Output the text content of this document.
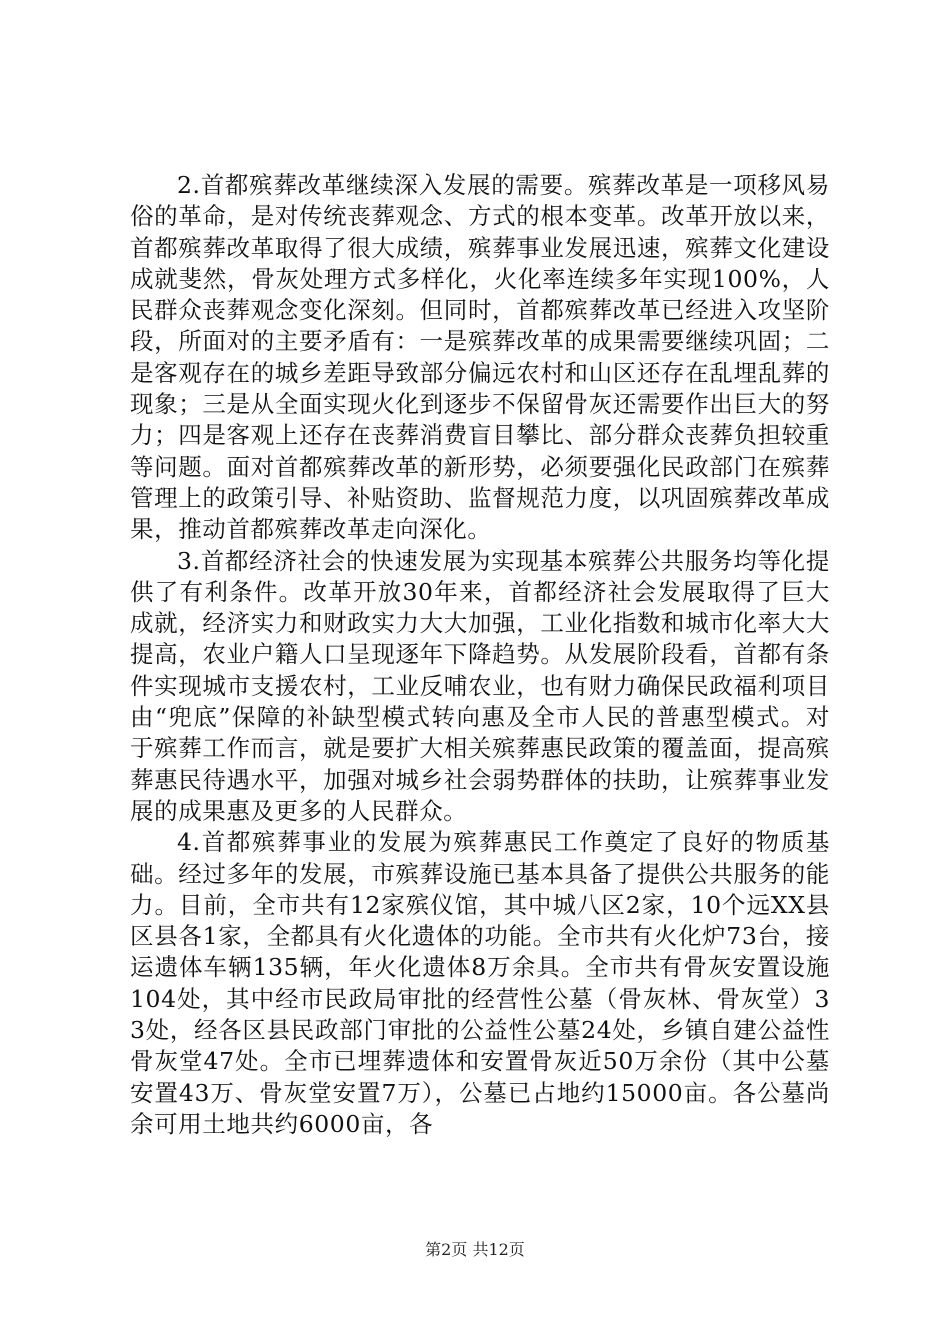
2.首都殡葬改革继续深入发展的需要。殡葬改革是一项移风易俗的革命，是对传统丧葬观念、方式的根本变革。改革开放以来，首都殡葬改革取得了很大成绩，殡葬事业发展迅速，殡葬文化建设成就斐然，骨灰处理方式多样化，火化率连续多年实现100%，人民群众丧葬观念变化深刻。但同时，首都殡葬改革已经进入攻坚阶段，所面对的主要矛盾有：一是殡葬改革的成果需要继续巩固；二是客观存在的城乡差距导致部分偏远农村和山区还存在乱埋乱葬的现象；三是从全面实现火化到逐步不保留骨灰还需要作出巨大的努力；四是客观上还存在丧葬消费盲目攀比、部分群众丧葬负担较重等问题。面对首都殡葬改革的新形势，必须要强化民政部门在殡葬管理上的政策引导、补贴资助、监督规范力度，以巩固殡葬改革成果，推动首都殡葬改革走向深化。

3.首都经济社会的快速发展为实现基本殡葬公共服务均等化提供了有利条件。改革开放30年来，首都经济社会发展取得了巨大成就，经济实力和财政实力大大加强，工业化指数和城市化率大大提高，农业户籍人口呈现逐年下降趋势。从发展阶段看，首都有条件实现城市支援农村，工业反哺农业，也有财力确保民政福利项目由“兜底”保障的补缺型模式转向惠及全市人民的普惠型模式。对于殡葬工作而言，就是要扩大相关殡葬惠民政策的覆盖面，提高殡葬惠民待遇水平，加强对城乡社会弱势群体的扶助，让殡葬事业发展的成果惠及更多的人民群众。

4.首都殡葬事业的发展为殡葬惠民工作奠定了良好的物质基础。经过多年的发展，市殡葬设施已基本具备了提供公共服务的能力。目前，全市共有12家殡仪馆，其中城八区2家，10个远XX县区县各1家，全都具有火化遗体的功能。全市共有火化炉73台，接运遗体车辆135辆，年火化遗体8万余具。全市共有骨灰安置设施104处，其中经市民政局审批的经营性公墓（骨灰林、骨灰堂）33处，经各区县民政部门审批的公益性公墓24处，乡镇自建公益性骨灰堂47处。全市已埋葬遗体和安置骨灰近50万余份（其中公墓安置43万、骨灰堂安置7万），公墓已占地约15000亩。各公墓尚余可用土地共约6000亩，各

第2页 共12页
